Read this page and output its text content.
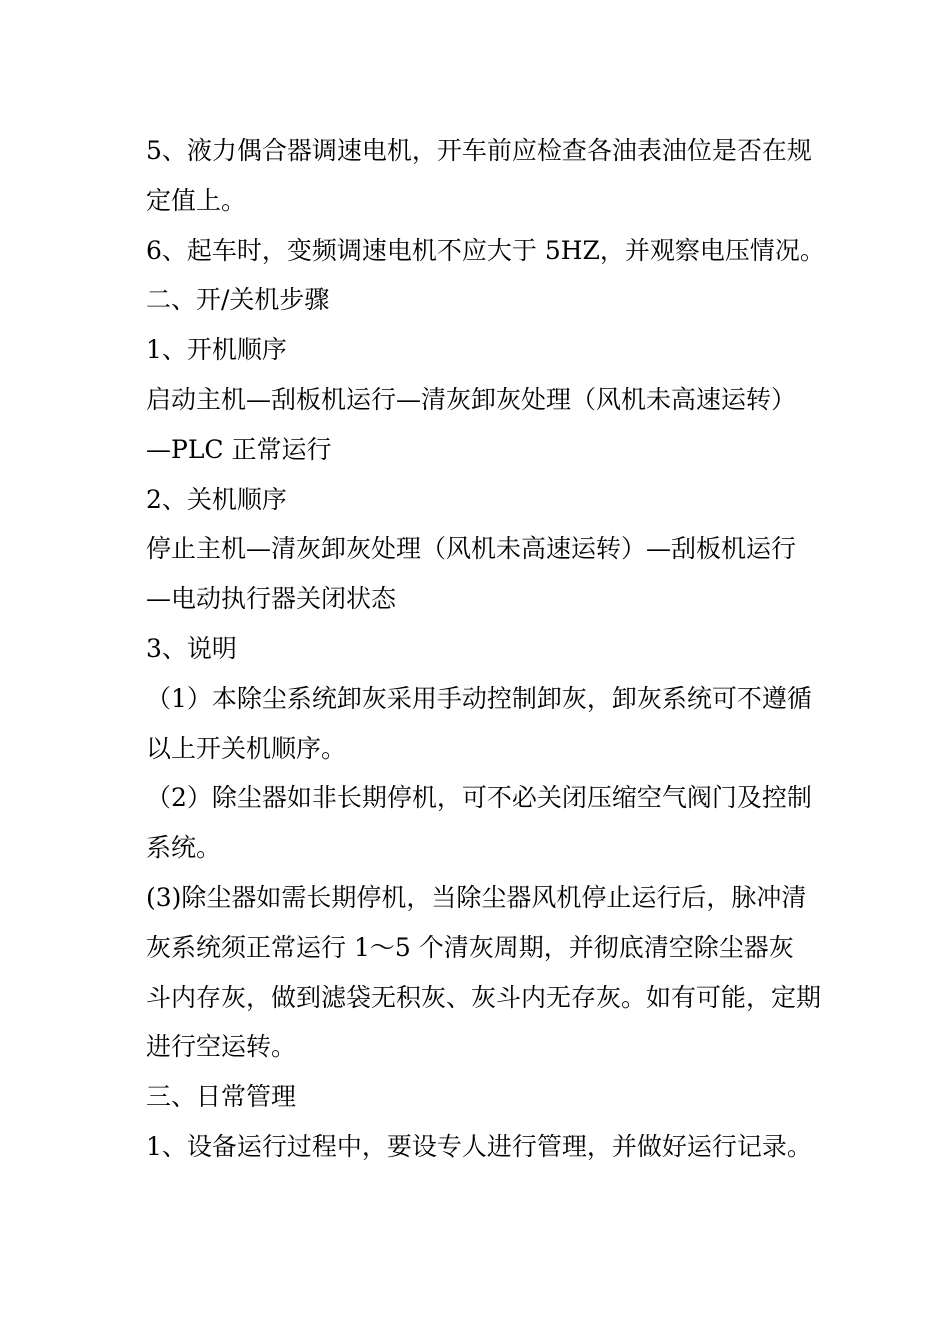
5、液力偶合器调速电机，开车前应检查各油表油位是否在规
定值上。
6、起车时，变频调速电机不应大于 5HZ，并观察电压情况。
二、开/关机步骤
1、开机顺序
启动主机—刮板机运行—清灰卸灰处理（风机未高速运转）
—PLC 正常运行
2、关机顺序
停止主机—清灰卸灰处理（风机未高速运转）—刮板机运行
—电动执行器关闭状态
3、说明
（1）本除尘系统卸灰采用手动控制卸灰，卸灰系统可不遵循
以上开关机顺序。
（2）除尘器如非长期停机，可不必关闭压缩空气阀门及控制
系统。
(3)除尘器如需长期停机，当除尘器风机停止运行后，脉冲清
灰系统须正常运行 1～5 个清灰周期，并彻底清空除尘器灰
斗内存灰，做到滤袋无积灰、灰斗内无存灰。如有可能，定期
进行空运转。
三、日常管理
1、设备运行过程中，要设专人进行管理，并做好运行记录。
